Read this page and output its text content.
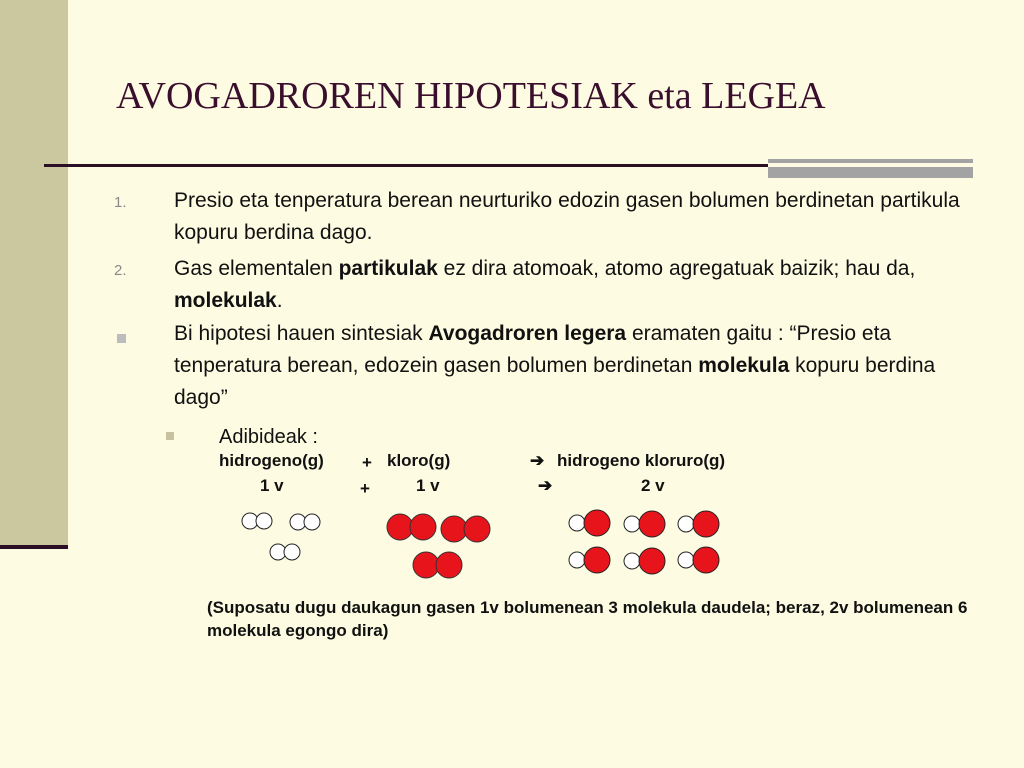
AVOGADROREN HIPOTESIAK eta LEGEA
1. Presio eta tenperatura berean neurturiko edozin gasen bolumen berdinetan partikula kopuru berdina dago.
2. Gas elementalen partikulak ez dira atomoak, atomo agregatuak baizik; hau da, molekulak.
Bi hipotesi hauen sintesiak Avogadroren legera eramaten gaitu : “Presio eta tenperatura berean, edozein gasen bolumen berdinetan molekula kopuru berdina dago”
Adibideak :
hidrogeno(g) + kloro(g)	➔ hidrogeno kloruro(g)
1 v	+	1 v	➔	2 v
(Suposatu dugu daukagun gasen 1v bolumenean 3 molekula daudela; beraz, 2v bolumenean 6 molekula egongo dira)
